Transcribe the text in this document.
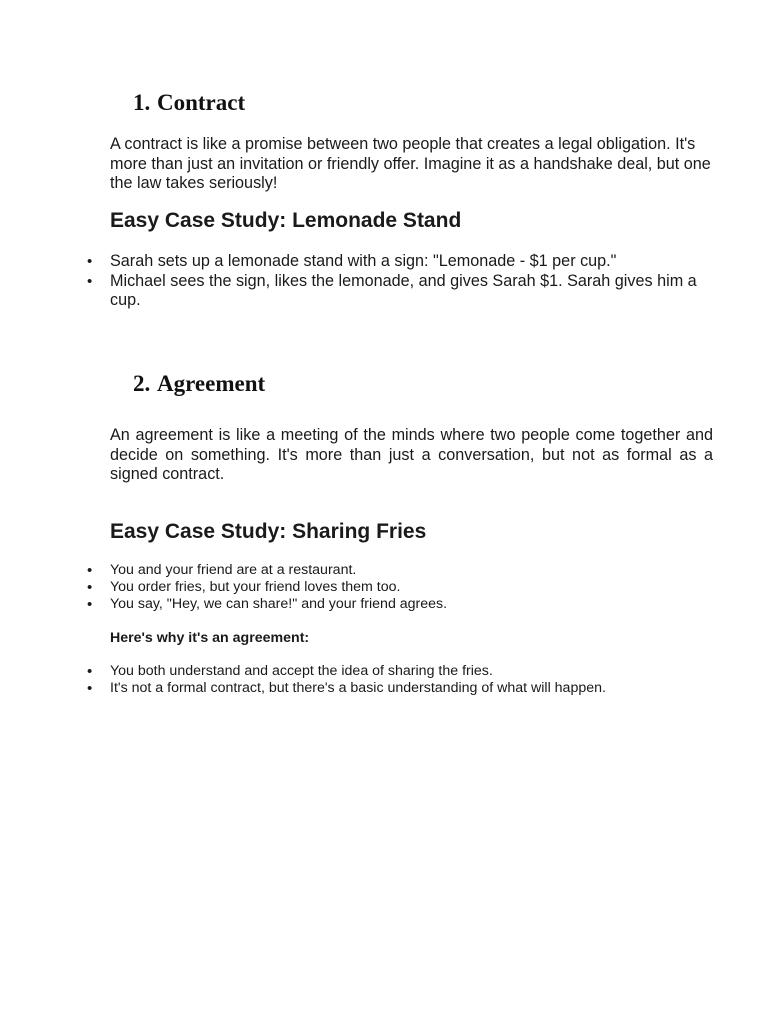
1. Contract

A contract is like a promise between two people that creates a legal obligation. It's more than just an invitation or friendly offer. Imagine it as a handshake deal, but one the law takes seriously!

Easy Case Study: Lemonade Stand
• Sarah sets up a lemonade stand with a sign: "Lemonade - $1 per cup."
• Michael sees the sign, likes the lemonade, and gives Sarah $1. Sarah gives him a cup.
2. Agreement

An agreement is like a meeting of the minds where two people come together and decide on something. It's more than just a conversation, but not as formal as a signed contract.

Easy Case Study: Sharing Fries
• You and your friend are at a restaurant.
• You order fries, but your friend loves them too.
• You say, "Hey, we can share!" and your friend agrees.

Here's why it's an agreement:

• You both understand and accept the idea of sharing the fries.
• It's not a formal contract, but there's a basic understanding of what will happen.
